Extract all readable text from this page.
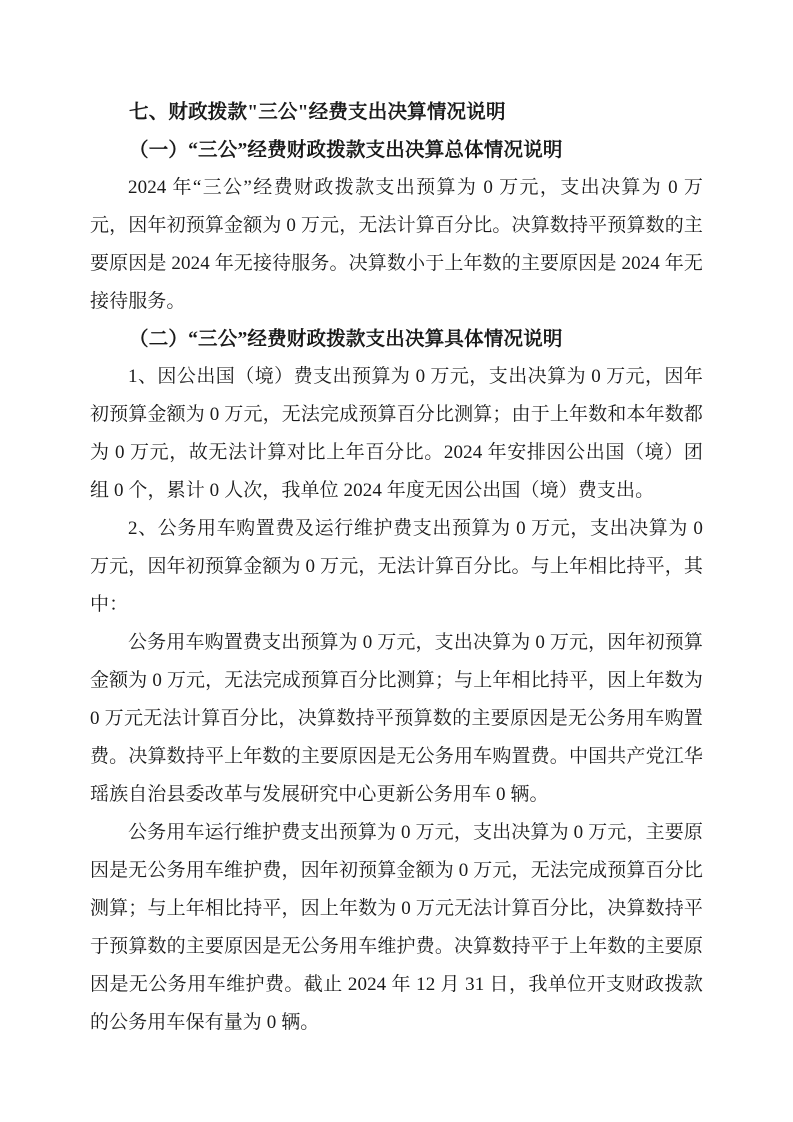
七、财政拨款"三公"经费支出决算情况说明
（一）“三公”经费财政拨款支出决算总体情况说明

2024 年“三公”经费财政拨款支出预算为 0 万元，支出决算为 0 万元，因年初预算金额为 0 万元，无法计算百分比。决算数持平预算数的主要原因是 2024 年无接待服务。决算数小于上年数的主要原因是 2024 年无接待服务。

（二）“三公”经费财政拨款支出决算具体情况说明

1、因公出国（境）费支出预算为 0 万元，支出决算为 0 万元，因年初预算金额为 0 万元，无法完成预算百分比测算；由于上年数和本年数都为 0 万元，故无法计算对比上年百分比。2024 年安排因公出国（境）团组 0 个，累计 0 人次，我单位 2024 年度无因公出国（境）费支出。

2、公务用车购置费及运行维护费支出预算为 0 万元，支出决算为 0 万元，因年初预算金额为 0 万元，无法计算百分比。与上年相比持平，其中：

公务用车购置费支出预算为 0 万元，支出决算为 0 万元，因年初预算金额为 0 万元，无法完成预算百分比测算；与上年相比持平，因上年数为 0 万元无法计算百分比，决算数持平预算数的主要原因是无公务用车购置费。决算数持平上年数的主要原因是无公务用车购置费。中国共产党江华瑶族自治县委改革与发展研究中心更新公务用车 0 辆。

公务用车运行维护费支出预算为 0 万元，支出决算为 0 万元，主要原因是无公务用车维护费，因年初预算金额为 0 万元，无法完成预算百分比测算；与上年相比持平，因上年数为 0 万元无法计算百分比，决算数持平于预算数的主要原因是无公务用车维护费。决算数持平于上年数的主要原因是无公务用车维护费。截止 2024 年 12 月 31 日，我单位开支财政拨款的公务用车保有量为 0 辆。
